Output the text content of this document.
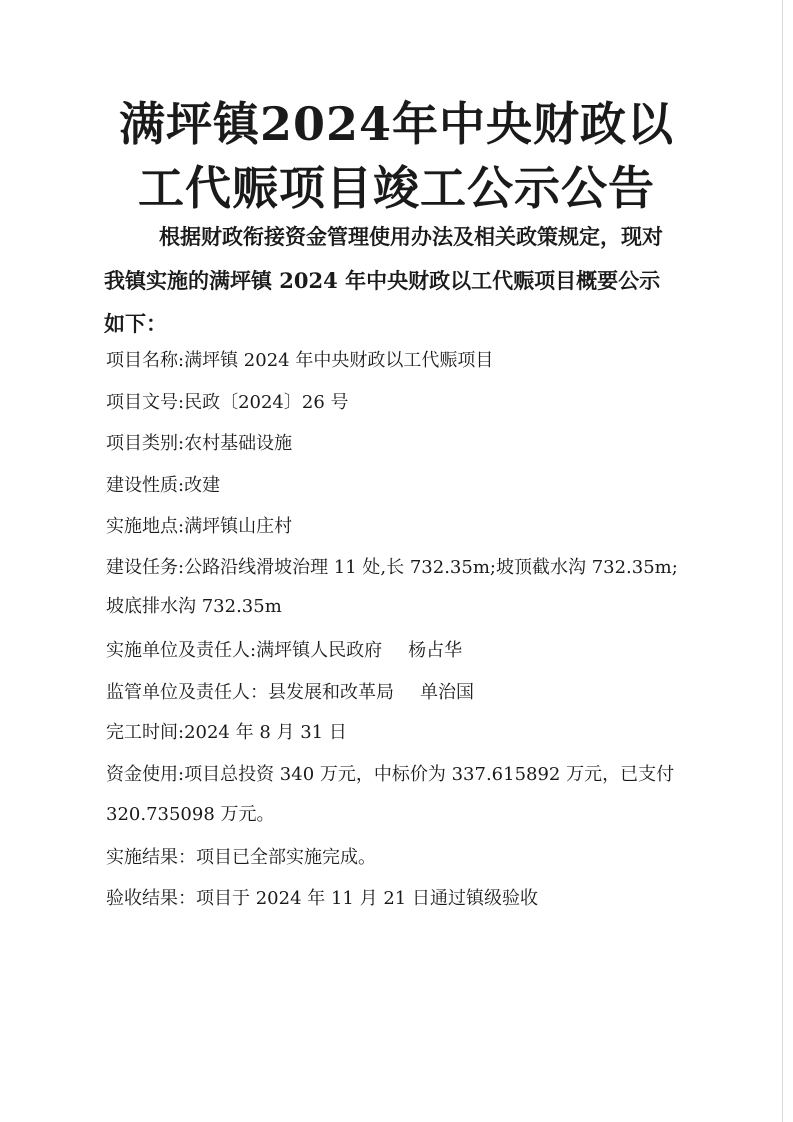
满坪镇2024年中央财政以
工代赈项目竣工公示公告
根据财政衔接资金管理使用办法及相关政策规定，现对
我镇实施的满坪镇 2024 年中央财政以工代赈项目概要公示
如下：
项目名称:满坪镇 2024 年中央财政以工代赈项目
项目文号:民政〔2024〕26 号
项目类别:农村基础设施
建设性质:改建
实施地点:满坪镇山庄村
建设任务:公路沿线滑坡治理 11 处,长 732.35m;坡顶截水沟 732.35m;
坡底排水沟 732.35m
实施单位及责任人:满坪镇人民政府 杨占华
监管单位及责任人：县发展和改革局 单治国
完工时间:2024 年 8 月 31 日
资金使用:项目总投资 340 万元，中标价为 337.615892 万元，已支付
320.735098 万元。
实施结果：项目已全部实施完成。
验收结果：项目于 2024 年 11 月 21 日通过镇级验收
